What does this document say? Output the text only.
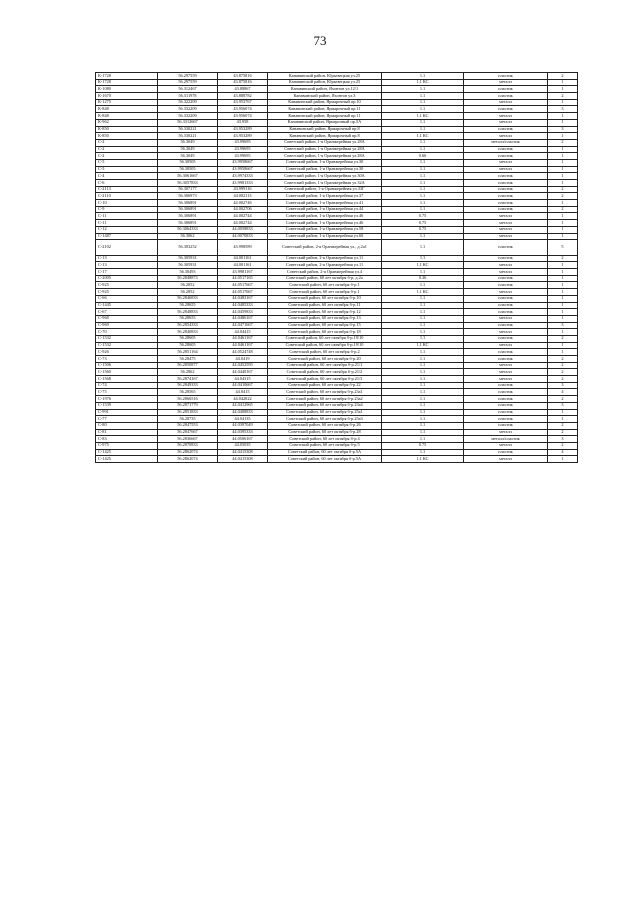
73
К-1728	56.297559	43.875816	Канавинский район, Юрьевецкая ул.25	1.1	пластик	2
К-1728	56.297559	43.875816	Канавинский район, Юрьевецкая ул.25	1.1 КС	металл	1
К-1080	56.312467	43.88867	Канавинский район, Яхонтов ул.12/1	1.1	пластик	1
К-1670	56.311978	43.888782	Канавинский район, Яхонтов ул.3	1.1	пластик	2
К-1275	56.322209	43.953767	Канавинский район, Ярмарочный пр.10	1.1	металл	1
К-848	56.332209	43.956074	Канавинский район, Ярмарочный пр.11	1.1	пластик	3
К-848	56.332209	43.956074	Канавинский район, Ярмарочный пр.11	1.1 КС	металл	1
К-962	56.3312667	43.958	Канавинский район, Ярмарочный пр.5А	1.1	металл	1
К-850	56.330221	43.953289	Канавинский район, Ярмарочный пр.8	1.1	пластик	3
К-850	56.330221	43.953289	Канавинский район, Ярмарочный пр.8	1.1 КС	металл	1
С-2	56.3049	43.99695	Советский район, 1-я Оранжерейная ул.28А	1.1	металл/пластик	2
С-2	56.3049	43.99695	Советский район, 1-я Оранжерейная ул.28А	1.1	пластик	1
С-2	56.3049	43.99695	Советский район, 1-я Оранжерейная ул.28А	0.66	пластик	1
С-5	56.30505	43.9958667	Советский район, 1-я Оранжерейная ул.30	1.1	металл	1
С-5	56.30505	43.9958667	Советский район, 1-я Оранжерейная ул.30	1.1	металл	1
С-4	56.3061667	43.9974333	Советский район, 1-я Оранжерейная ул.30А	1.1	пластик	1
С-6	56.3057833	43.9981333	Советский район, 1-я Оранжерейная ул.32А	1.1	пластик	1
С-2113	56.307177	43.999116	Советский район, 1-я Оранжерейная ул.33Г	1.1	пластик	2
С-2110	56.306973	44.002113	Советский район, 1-я Оранжерейная ул.37	1.1	пластик	2
С-10	56.306891	44.002746	Советский район, 1-я Оранжерейная ул.41	1.1	пластик	1
С-9	56.306891	44.002706	Советский район, 1-я Оранжерейная ул.44	1.1	пластик	2
С-11	56.306891	44.002744	Советский район, 1-я Оранжерейная ул.46	0.75	металл	1
С-11	56.306891	44.002744	Советский район, 1-я Оранжерейная ул.46	0.75	металл	1
С-12	56.3064333	44.0058833	Советский район, 1-я Оранжерейная ул.58	0.75	металл	1
С-1487	56.3062	44.0070833	Советский район, 1-я Оранжерейная ул.60	1.1	металл	1
С-2102	56.303252	43.998589	Советский район, 2-я Оранжерейная ул., д.2а1	1.1	пластик	5
С-13	56.305931	44.001161	Советский район, 2-я Оранжерейная ул.11	1.1	пластик	2
С-13	56.305931	44.001161	Советский район, 2-я Оранжерейная ул.11	1.1 КС	металл	1
С-17	56.30493	43.9981167	Советский район, 2-я Оранжерейная ул.4	1.1	металл	1
С-2005	56.2848873	44.0517165	Советский район, 60 лет октября б-р, д.2а	0.36	пластик	1
С-925	56.2852	44.0517667	Советский район, 60 лет октября б-р.1	1.1	пластик	1
С-925	56.2852	44.0517667	Советский район, 60 лет октября б-р.1	1.1 КС	металл	1
С-66	56.2846833	44.0483167	Советский район, 60 лет октября б-р.10	1.1	пластик	1
С-1445	56.28655	44.0485333	Советский район, 60 лет октября б-р.11	1.1	пластик	1
С-67	56.2848833	44.0459833	Советский район, 60 лет октября б-р.12	1.1	пластик	1
С-968	56.28655	44.0486167	Советский район, 60 лет октября б-р.13	1.1	металл	1
С-969	56.2854333	44.0471667	Советский район, 60 лет октября б-р.15	1.1	пластик	3
С-70	56.2840833	44.04415	Советский район, 60 лет октября б-р.18	1.1	металл	1
С-1532	56.28605	44.0461167	Советский район, 60 лет октября б-р.19/10	1.1	пластик	2
С-1532	56.28605	44.0461167	Советский район, 60 лет октября б-р.19/10	1.1 КС	металл	1
С-926	56.2851164	44.0524748	Советский район, 60 лет октября б-р.2	1.1	пластик	1
С-73	56.28475	44.0419	Советский район, 60 лет октября б-р.20	1.1	пластик	2
С-1506	56.2850877	44.0452595	Советский район, 60 лет октября б-р.21/1	1.1	металл	2
С-1560	56.2862	44.0440167	Советский район, 60 лет октября б-р.21/2	1.1	металл	2
С-1568	56.2874167	44.04315	Советский район, 60 лет октября б-р.21/3	1.1	металл	2
С-74	56.2849333	44.0410667	Советский район, 60 лет октября б-р.22	1.1	пластик	3
С-75	56.28565	44.0415	Советский район, 60 лет октября б-р.23а1	1.1	пластик	4
С-1976	56.2866516	44.042822	Советский район, 60 лет октября б-р.23а2	1.1	пластик	2
С-1539	56.2871779	44.0412965	Советский район, 60 лет октября б-р.23а4	1.1	пластик	3
С-991	56.2851833	44.0408833	Советский район, 60 лет октября б-р.25а1	1.1	пластик	1
С-77	56.28735	44.04135	Советский район, 60 лет октября б-р.25а3	1.1	пластик	1
С-80	56.2847553	44.0397049	Советский район, 60 лет октября б-р.26	1.1	пластик	2
С-81	56.2847667	44.0395333	Советский район, 60 лет октября б-р.28	1.1	металл	2
С-83	56.2836667	44.0506167	Советский район, 60 лет октября б-р.4	1.1	металл/пластик	3
С-975	56.2870833	44.05035	Советский район, 60 лет октября б-р.5	0.75	металл	2
С-1425	56.2862074	44.0415308	Советский район, 60 лет октября б-р.5А	1.1	пластик	4
С-1425	56.2862074	44.0415308	Советский район, 60 лет октября б-р.5А	1.1 КС	металл	1
